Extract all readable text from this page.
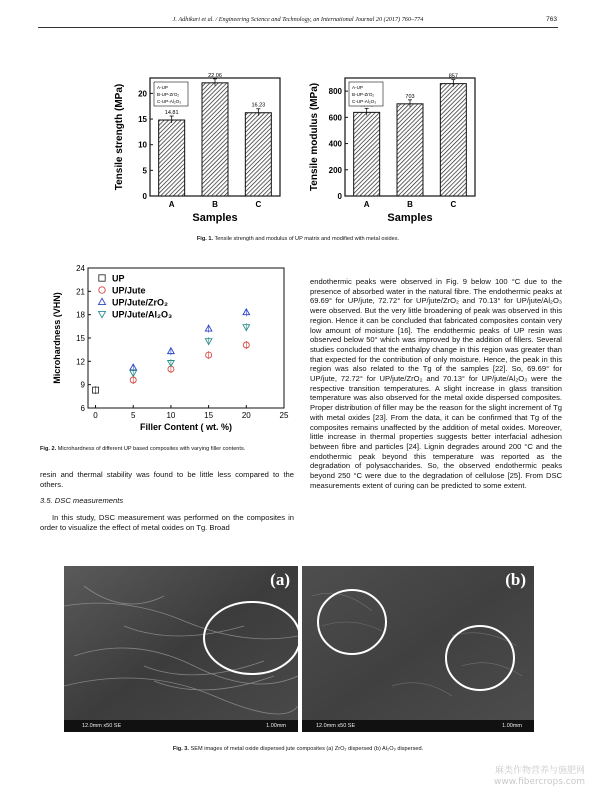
J. Adhikari et al. / Engineering Science and Technology, an International Journal 20 (2017) 760–774	763
0
5
10
15
20
14.81
A
22.06
B
16.23
C
Samples
Tensile strength (MPa)	A-UP
B-UP-ZrO₂
C-UP-Al₂O₃
0
200
400
600
800
A
703
B
857
C
Samples
Tensile modulus (MPa)	A-UP
B-UP-ZrO₂
C-UP-Al₂O₃
Fig. 1. Tensile strength and modulus of UP matrix and modified with metal oxides.
0	5	10	15	20	25
6
9
12
15
18
21
24
Filler Content ( wt. %)
Microhardness (VHN)
UP
UP/Jute
UP/Jute/ZrO₂
UP/Jute/Al₂O₃
Fig. 2. Microhardness of different UP based composites with varying filler contents.
resin and thermal stability was found to be little less compared to the others.
3.5. DSC measurements
In this study, DSC measurement was performed on the composites in order to visualize the effect of metal oxides on Tg. Broad
endothermic peaks were observed in Fig. 9 below 100 °C due to the presence of absorbed water in the natural fibre. The endothermic peaks at 69.69° for UP/jute, 72.72° for UP/jute/ZrO₂ and 70.13° for UP/jute/Al₂O₃ were observed. But the very little broadening of peak was observed in this region. Hence it can be concluded that fabricated composites contain very low amount of moisture [16]. The endothermic peaks of UP resin was observed below 50° which was improved by the addition of fillers. Several studies concluded that the enthalpy change in this region was greater than that expected for the contribution of only moisture. Hence, the peak in this region was also related to the Tg of the samples [22]. So, 69.69° for UP/jute, 72.72° for UP/jute/ZrO₂ and 70.13° for UP/jute/Al₂O₃ were the respective transition temperatures. A slight increase in glass transition temperature was also observed for the metal oxide dispersed composites. Proper distribution of filler may be the reason for the slight increment of Tg with metal oxides [23]. From the data, it can be confirmed that Tg of the composites remains unaffected by the addition of metal oxides. Moreover, little increase in thermal properties suggests better interfacial adhesion between fibre and particles [24]. Lignin degrades around 200 °C and the endothermic peak beyond this temperature was reported as the degradation of polysaccharides. So, the observed endothermic peaks beyond 250 °C were due to the degradation of cellulose [25]. From DSC measurements extent of curing can be predicted to some extent.
(a)
12.0mm x50 SE	1.00mm
(b)
12.0mm x50 SE	1.00mm
Fig. 3. SEM images of metal oxide dispersed jute composites (a) ZrO₂ dispersed (b) Al₂O₃ dispersed.
麻类作物营养与施肥网
www.fibercrops.com
